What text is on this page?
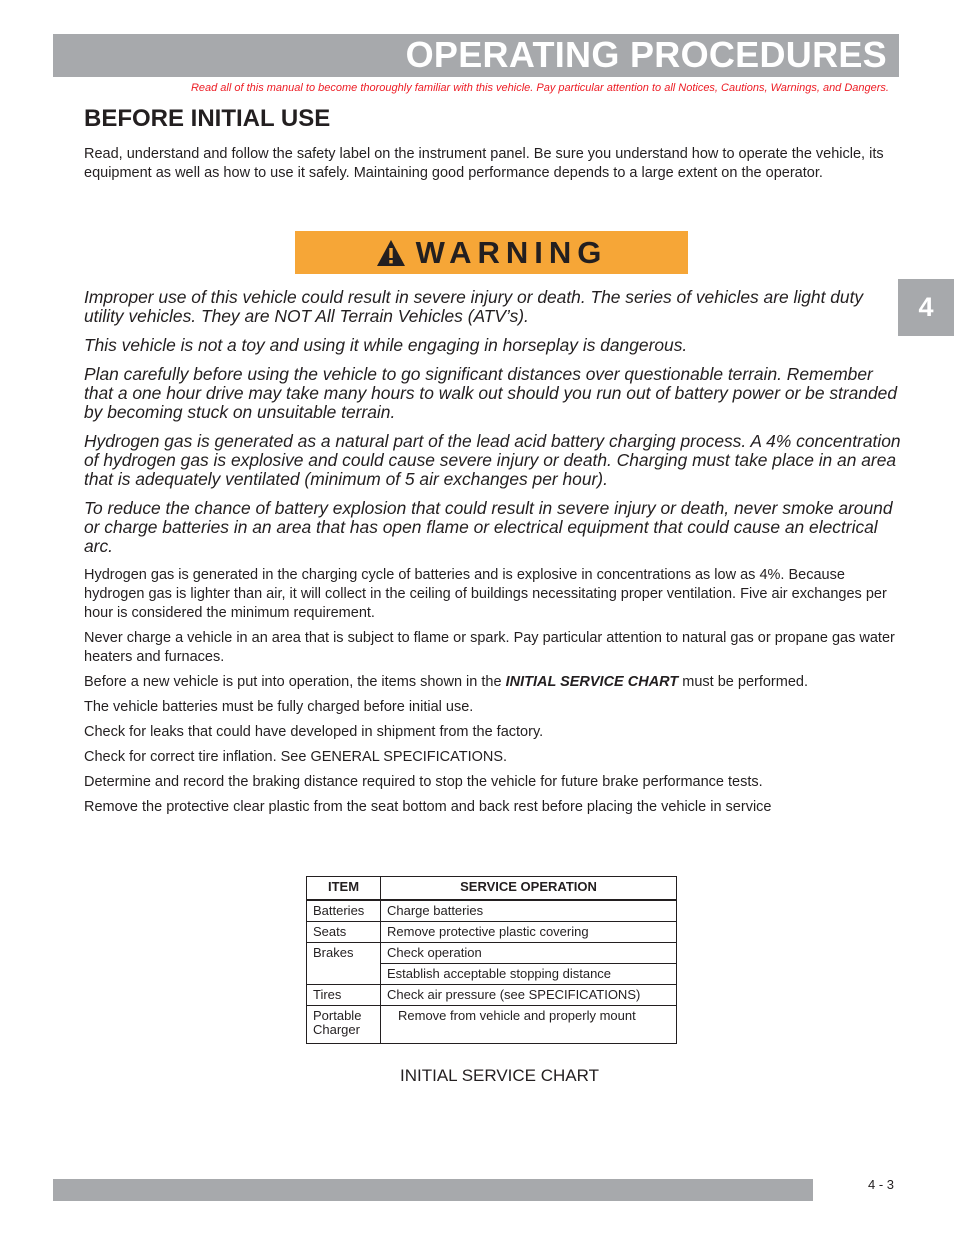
OPERATING PROCEDURES
Read all of this manual to become thoroughly familiar with this vehicle. Pay particular attention to all Notices, Cautions, Warnings, and Dangers.
BEFORE INITIAL USE

Read, understand and follow the safety label on the instrument panel. Be sure you understand how to operate the vehicle, its equipment as well as how to use it safely. Maintaining good performance depends to a large extent on the operator.

WARNING

Improper use of this vehicle could result in severe injury or death. The series of vehicles are light duty utility vehicles. They are NOT All Terrain Vehicles (ATV’s).

This vehicle is not a toy and using it while engaging in horseplay is dangerous.

Plan carefully before using the vehicle to go significant distances over questionable terrain. Remember that a one hour drive may take many hours to walk out should you run out of battery power or be stranded by becoming stuck on unsuitable terrain.

Hydrogen gas is generated as a natural part of the lead acid battery charging process. A 4% concentration of hydrogen gas is explosive and could cause severe injury or death. Charging must take place in an area that is adequately ventilated (minimum of 5 air exchanges per hour).

To reduce the chance of battery explosion that could result in severe injury or death, never smoke around or charge batteries in an area that has open flame or electrical equipment that could cause an electrical arc.

Hydrogen gas is generated in the charging cycle of batteries and is explosive in concentrations as low as 4%. Because hydrogen gas is lighter than air, it will collect in the ceiling of buildings necessitating proper ventilation. Five air exchanges per hour is considered the minimum requirement.

Never charge a vehicle in an area that is subject to flame or spark. Pay particular attention to natural gas or propane gas water heaters and furnaces.

Before a new vehicle is put into operation, the items shown in the INITIAL SERVICE CHART must be performed.

The vehicle batteries must be fully charged before initial use.

Check for leaks that could have developed in shipment from the factory.

Check for correct tire inflation. See GENERAL SPECIFICATIONS.

Determine and record the braking distance required to stop the vehicle for future brake performance tests.

Remove the protective clear plastic from the seat bottom and back rest before placing the vehicle in service

4
ITEM	SERVICE OPERATION
Batteries	Charge batteries
Seats	Remove protective plastic covering
Brakes	Check operation
	Establish acceptable stopping distance
Tires	Check air pressure (see SPECIFICATIONS)
Portable Charger	Remove from vehicle and properly mount
INITIAL SERVICE CHART
4 - 3
